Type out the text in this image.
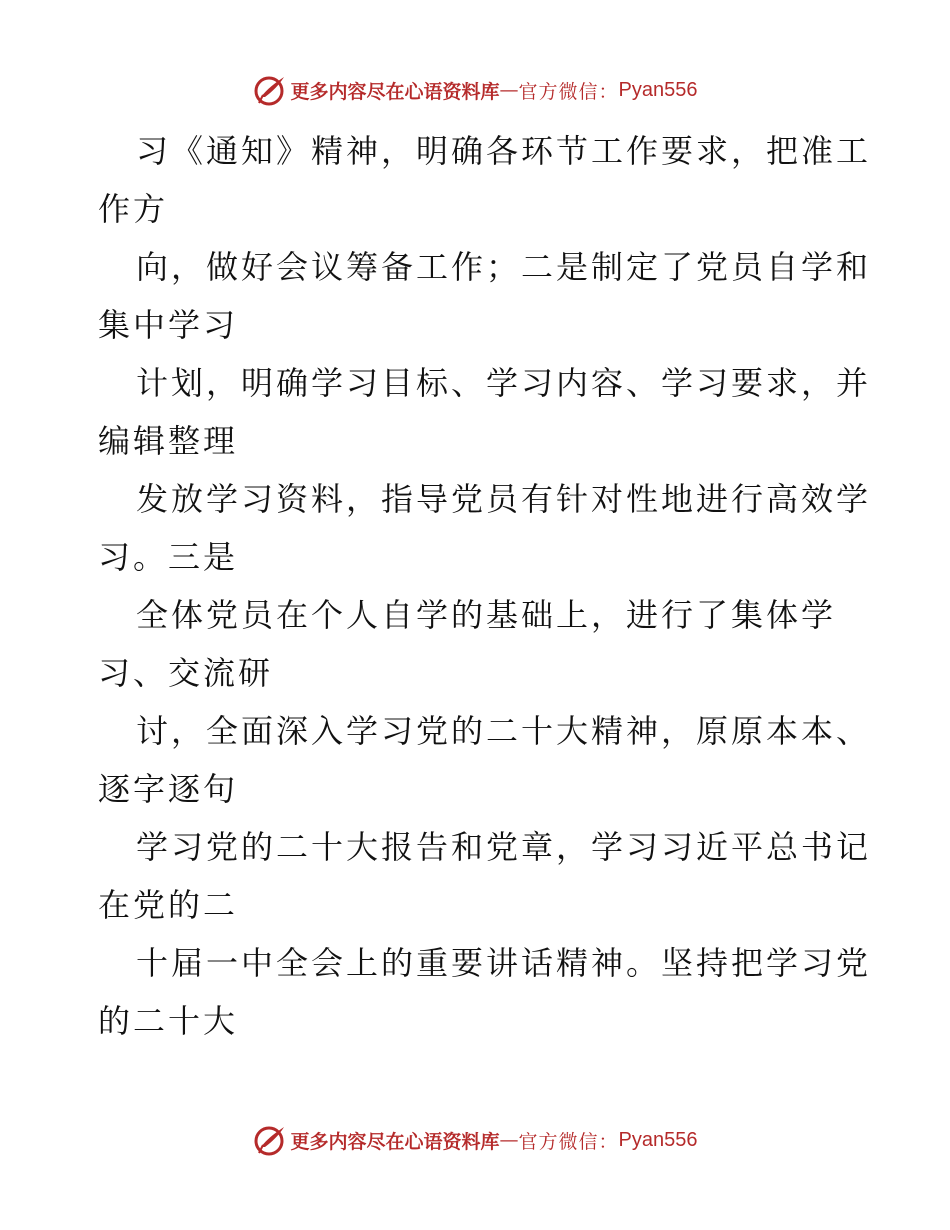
更多内容尽在心语资料库 — 官方微信： Pyan556
习《通知》精神，明确各环节工作要求，把准工
作方
向，做好会议筹备工作；二是制定了党员自学和
集中学习
计划，明确学习目标、学习内容、学习要求，并
编辑整理
发放学习资料，指导党员有针对性地进行高效学
习。三是
全体党员在个人自学的基础上，进行了集体学
习、交流研
讨，全面深入学习党的二十大精神，原原本本、
逐字逐句
学习党的二十大报告和党章，学习习近平总书记
在党的二
十届一中全会上的重要讲话精神。坚持把学习党
的二十大
更多内容尽在心语资料库 — 官方微信： Pyan556
